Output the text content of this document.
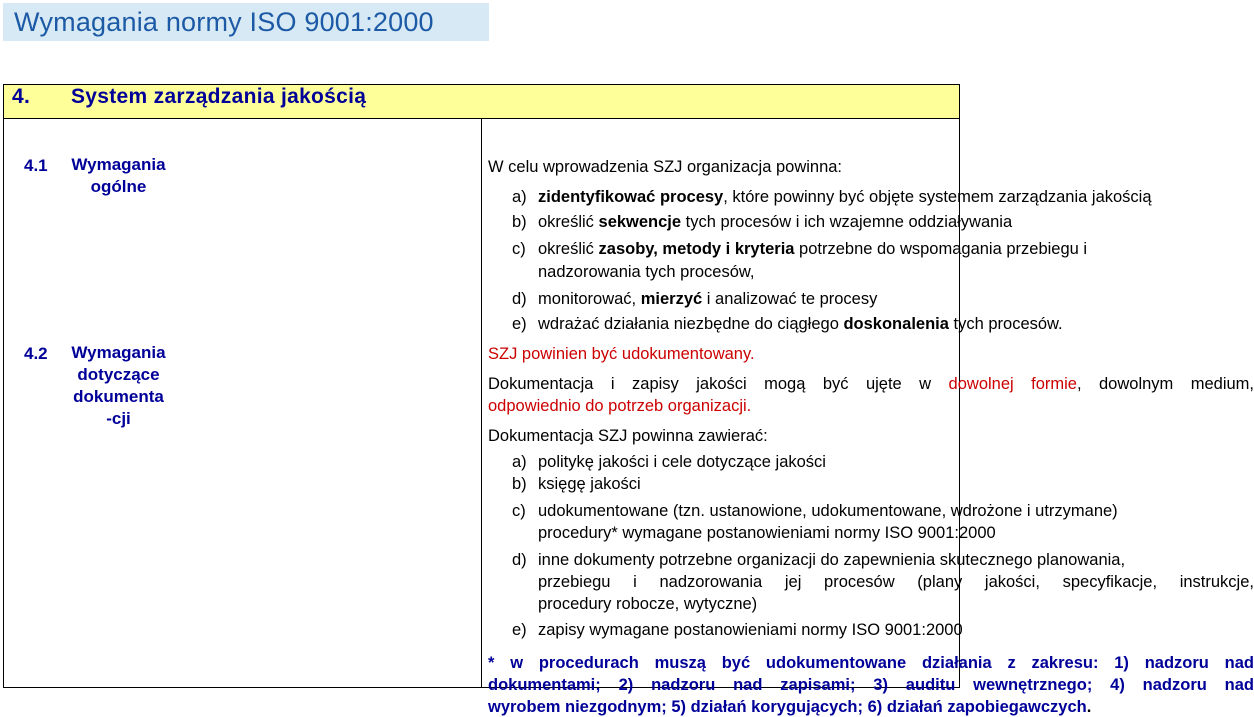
Wymagania normy ISO 9001:2000
4. System zarządzania jakością

4.1	Wymagania
ogólne
4.2	Wymagania
dotyczące
dokumenta
-cji

W celu wprowadzenia SZJ organizacja powinna:
a) zidentyfikować procesy, które powinny być objęte systemem zarządzania jakością
b) określić sekwencje tych procesów i ich wzajemne oddziaływania
c) określić zasoby, metody i kryteria potrzebne do wspomagania przebiegu i
nadzorowania tych procesów,
d) monitorować, mierzyć i analizować te procesy
e) wdrażać działania niezbędne do ciągłego doskonalenia tych procesów.
SZJ powinien być udokumentowany.
Dokumentacja i zapisy jakości mogą być ujęte w dowolnej formie, dowolnym medium,
odpowiednio do potrzeb organizacji.
Dokumentacja SZJ powinna zawierać:
a) politykę jakości i cele dotyczące jakości
b) księgę jakości
c) udokumentowane (tzn. ustanowione, udokumentowane, wdrożone i utrzymane)
procedury* wymagane postanowieniami normy ISO 9001:2000
d) inne dokumenty potrzebne organizacji do zapewnienia skutecznego planowania,
przebiegu i nadzorowania jej procesów (plany jakości, specyfikacje, instrukcje,
procedury robocze, wytyczne)
e) zapisy wymagane postanowieniami normy ISO 9001:2000
* w procedurach muszą być udokumentowane działania z zakresu: 1) nadzoru nad
dokumentami; 2) nadzoru nad zapisami; 3) auditu wewnętrznego; 4) nadzoru nad
wyrobem niezgodnym; 5) działań korygujących; 6) działań zapobiegawczych.
